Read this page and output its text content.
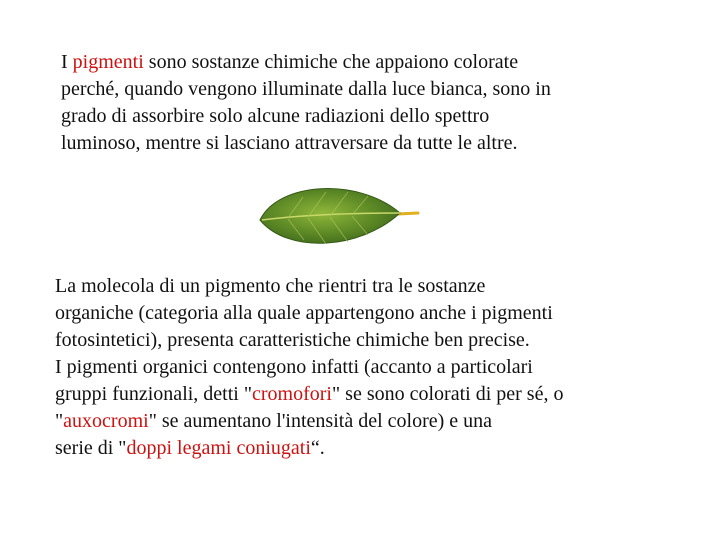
I pigmenti sono sostanze chimiche che appaiono colorate
perché, quando vengono illuminate dalla luce bianca, sono in
grado di assorbire solo alcune radiazioni dello spettro
luminoso, mentre si lasciano attraversare da tutte le altre.
La molecola di un pigmento che rientri tra le sostanze
organiche (categoria alla quale appartengono anche i pigmenti
fotosintetici), presenta caratteristiche chimiche ben precise.
I pigmenti organici contengono infatti (accanto a particolari
gruppi funzionali, detti "cromofori" se sono colorati di per sé, o
"auxocromi" se aumentano l'intensità del colore) e una
serie di "doppi legami coniugati“.
